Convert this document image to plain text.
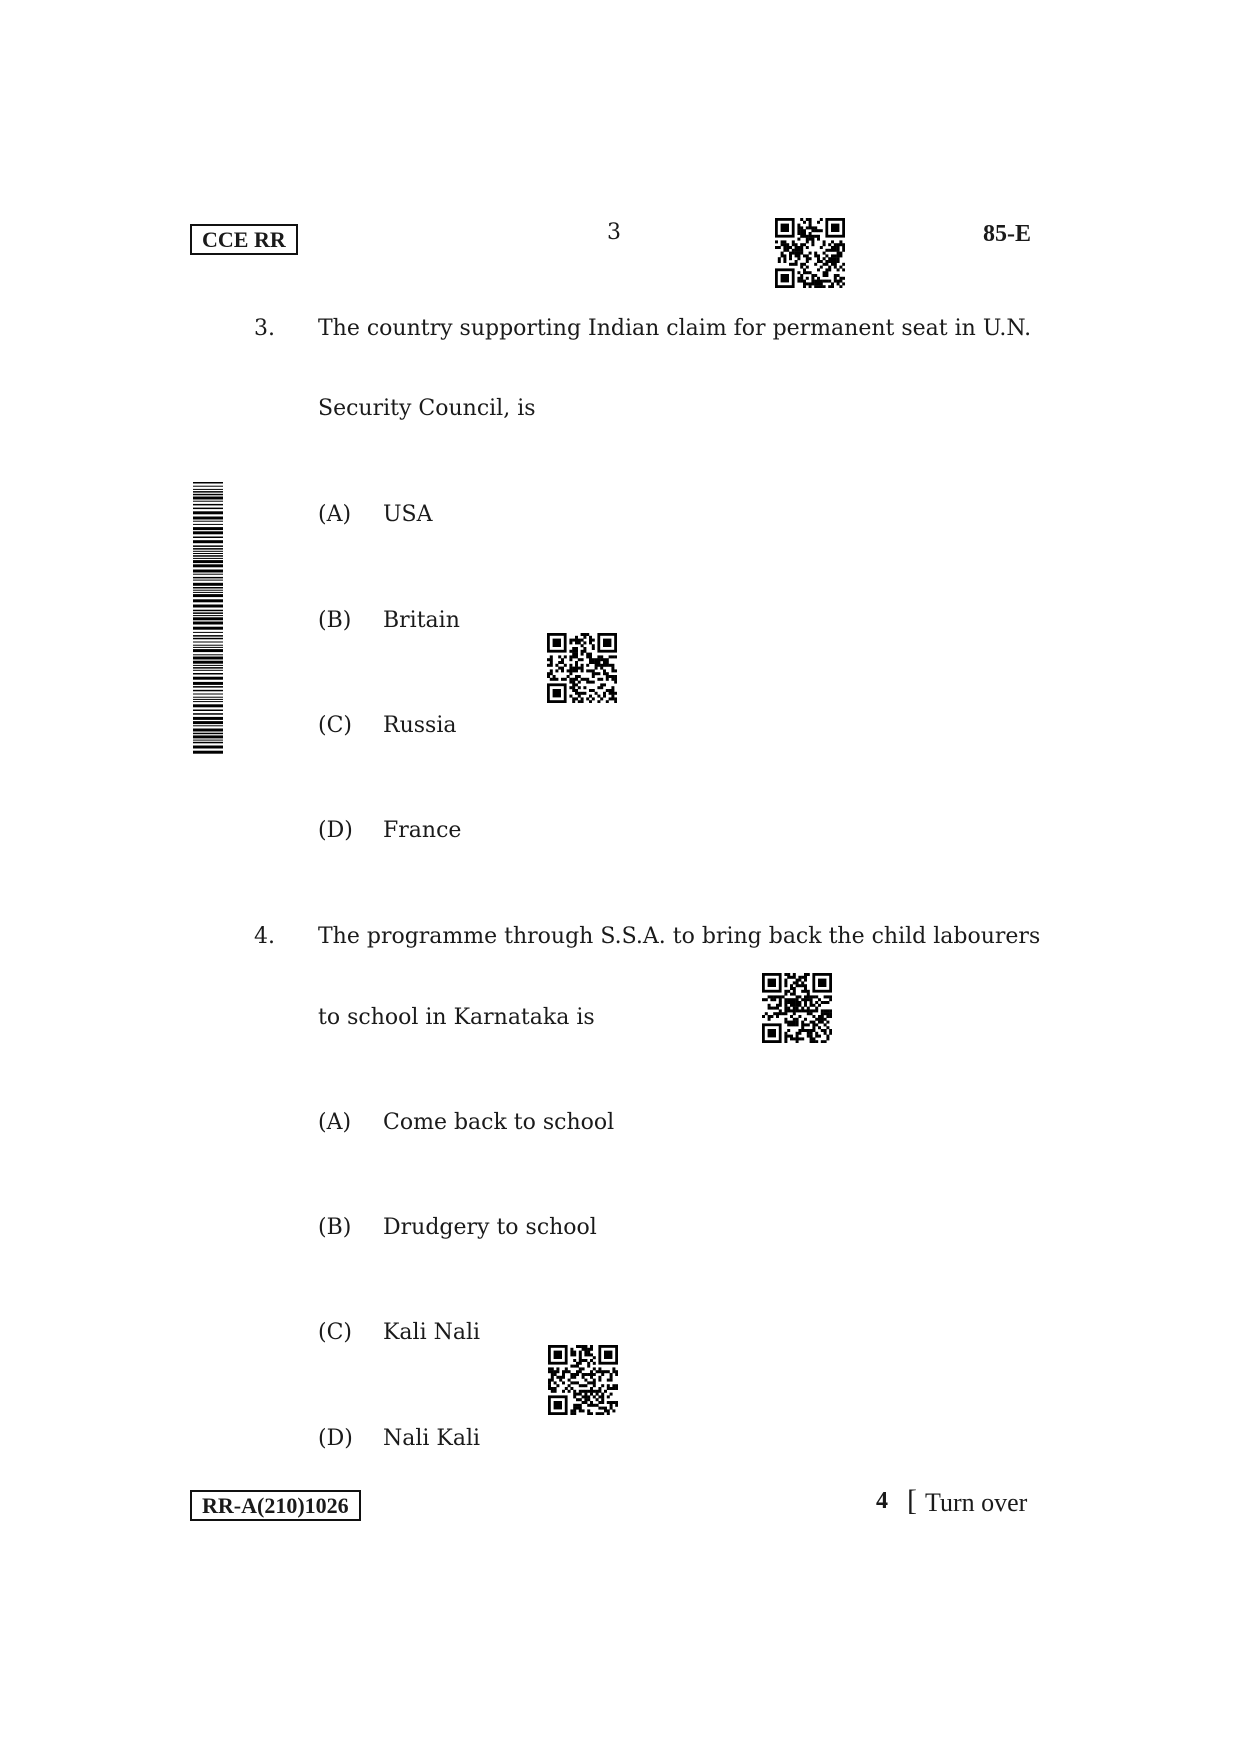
CCE RR	3	85-E
3. The country supporting Indian claim for permanent seat in U.N.
Security Council, is
(A) USA
(B) Britain
(C) Russia
(D) France
4. The programme through S.S.A. to bring back the child labourers
to school in Karnataka is
(A) Come back to school
(B) Drudgery to school
(C) Kali Nali
(D) Nali Kali
RR-A(210)1026	4 [ Turn over
